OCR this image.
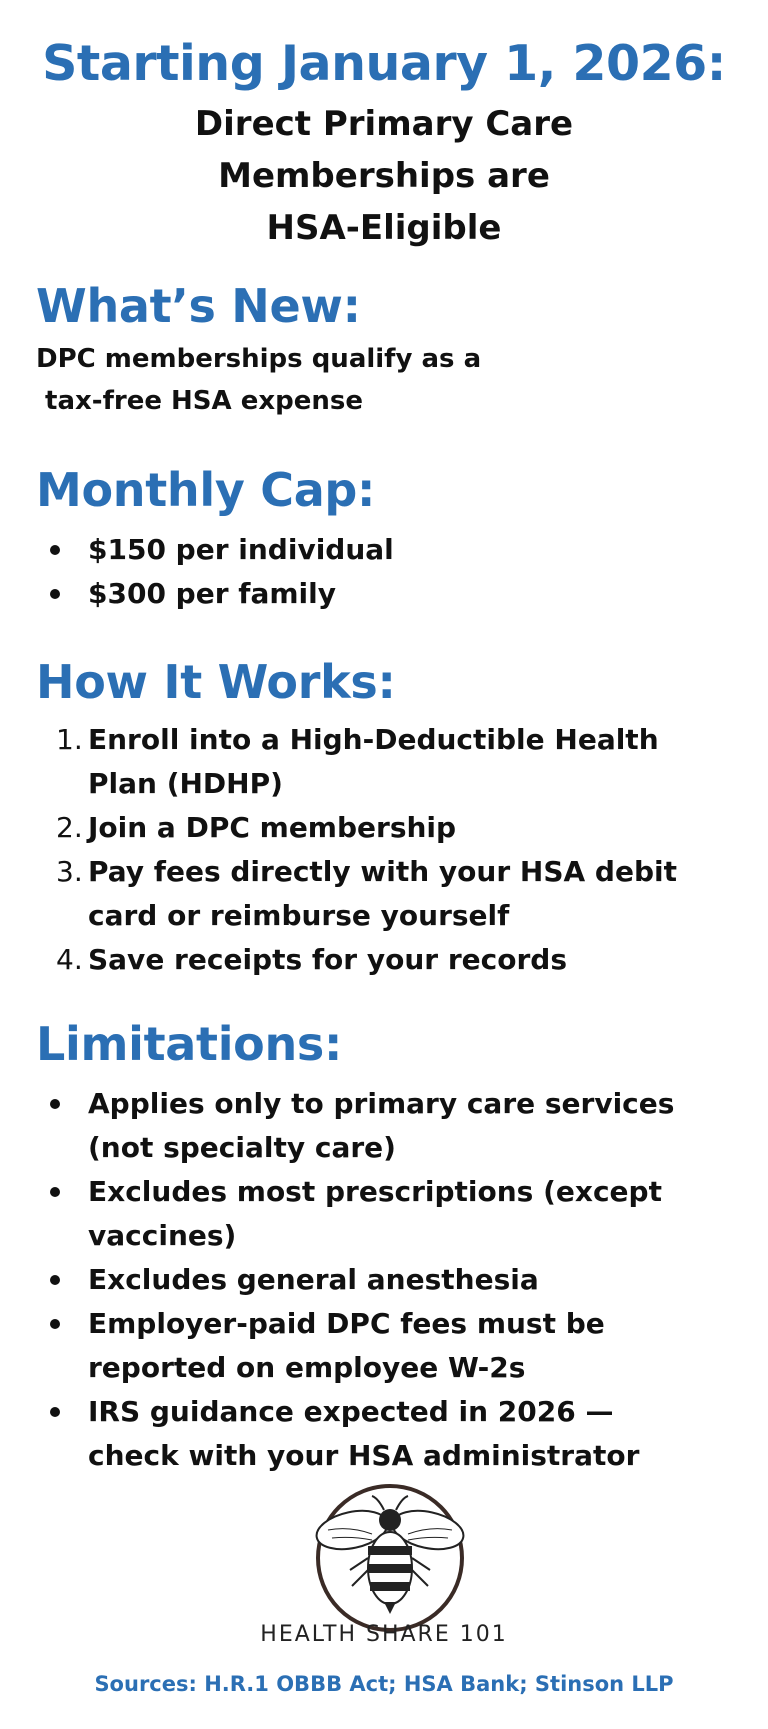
Starting January 1, 2026:
Direct Primary Care
Memberships are
HSA-Eligible
What’s New:
DPC memberships qualify as a
tax-free HSA expense
Monthly Cap:
$150 per individual
$300 per family
How It Works:
1. Enroll into a High-Deductible Health Plan (HDHP)
2. Join a DPC membership
3. Pay fees directly with your HSA debit card or reimburse yourself
4. Save receipts for your records
Limitations:
Applies only to primary care services (not specialty care)
Excludes most prescriptions (except vaccines)
Excludes general anesthesia
Employer-paid DPC fees must be reported on employee W-2s
IRS guidance expected in 2026 — check with your HSA administrator
HEALTH SHARE 101
Sources: H.R.1 OBBB Act; HSA Bank; Stinson LLP
